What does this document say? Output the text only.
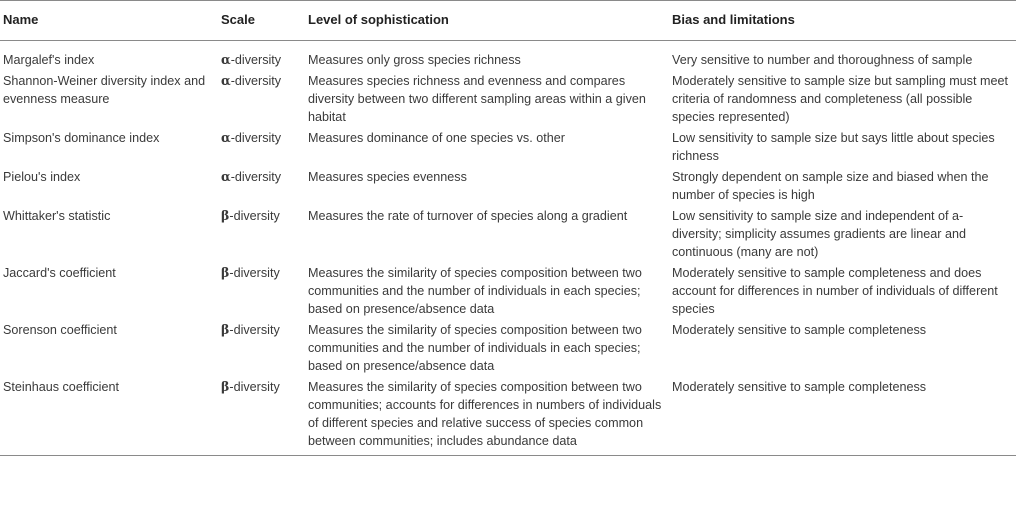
Name	Scale	Level of sophistication	Bias and limitations
Margalef's index	α-diversity	Measures only gross species richness	Very sensitive to number and thoroughness of sample
Shannon-Weiner diversity index and evenness measure	α-diversity	Measures species richness and evenness and compares diversity between two different sampling areas within a given habitat	Moderately sensitive to sample size but sampling must meet criteria of randomness and completeness (all possible species represented)
Simpson's dominance index	α-diversity	Measures dominance of one species vs. other	Low sensitivity to sample size but says little about species richness
Pielou's index	α-diversity	Measures species evenness	Strongly dependent on sample size and biased when the number of species is high
Whittaker's statistic	β-diversity	Measures the rate of turnover of species along a gradient	Low sensitivity to sample size and independent of a-diversity; simplicity assumes gradients are linear and continuous (many are not)
Jaccard's coefficient	β-diversity	Measures the similarity of species composition between two communities and the number of individuals in each species; based on presence/absence data	Moderately sensitive to sample completeness and does account for differences in number of individuals of different species
Sorenson coefficient	β-diversity	Measures the similarity of species composition between two communities and the number of individuals in each species; based on presence/absence data	Moderately sensitive to sample completeness
Steinhaus coefficient	β-diversity	Measures the similarity of species composition between two communities; accounts for differences in numbers of individuals of different species and relative success of species common between communities; includes abundance data	Moderately sensitive to sample completeness
